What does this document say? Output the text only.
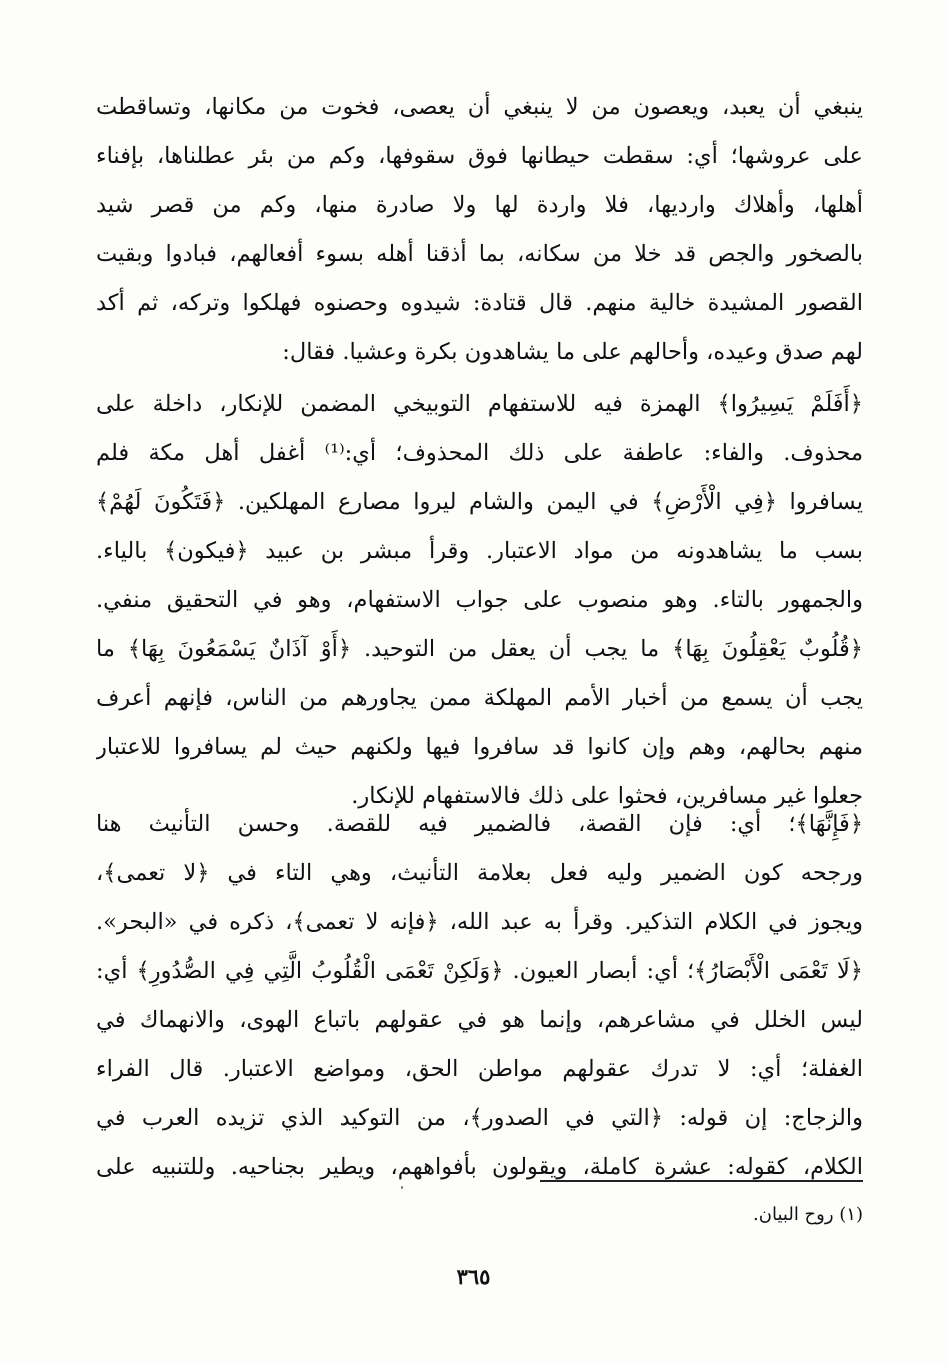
ينبغي أن يعبد، ويعصون من لا ينبغي أن يعصى، فخوت من مكانها، وتساقطت
على عروشها؛ أي: سقطت حيطانها فوق سقوفها، وكم من بئر عطلناها، بإفناء
أهلها، وأهلاك واردیها، فلا واردة لها ولا صادرة منها، وكم من قصر شيد
بالصخور والجص قد خلا من سكانه، بما أذقنا أهله بسوء أفعالهم، فبادوا وبقيت
القصور المشيدة خالية منهم. قال قتادة: شيدوه وحصنوه فهلكوا وتركه، ثم أكد
لهم صدق وعيده، وأحالهم على ما يشاهدون بكرة وعشيا. فقال:
﴿أَفَلَمْ يَسِيرُوا﴾ الهمزة فيه للاستفهام التوبيخي المضمن للإنكار، داخلة على
محذوف. والفاء: عاطفة على ذلك المحذوف؛ أي:⁽¹⁾ أغفل أهل مكة فلم
يسافروا ﴿فِي الْأَرْضِ﴾ في اليمن والشام ليروا مصارع المهلكين. ﴿فَتَكُونَ لَهُمْ﴾
بسب ما يشاهدونه من مواد الاعتبار. وقرأ مبشر بن عبيد ﴿فيكون﴾ بالياء.
والجمهور بالتاء. وهو منصوب على جواب الاستفهام، وهو في التحقيق منفي.
﴿قُلُوبٌ يَعْقِلُونَ بِهَا﴾ ما يجب أن يعقل من التوحيد. ﴿أَوْ آذَانٌ يَسْمَعُونَ بِهَا﴾ ما
يجب أن يسمع من أخبار الأمم المهلكة ممن يجاورهم من الناس، فإنهم أعرف
منهم بحالهم، وهم وإن كانوا قد سافروا فيها ولكنهم حيث لم يسافروا للاعتبار
جعلوا غير مسافرين، فحثوا على ذلك فالاستفهام للإنكار.
﴿فَإِنَّهَا﴾؛ أي: فإن القصة، فالضمير فيه للقصة. وحسن التأنيث هنا
ورجحه كون الضمير وليه فعل بعلامة التأنيث، وهي التاء في ﴿لا تعمى﴾،
ويجوز في الكلام التذكير. وقرأ به عبد الله، ﴿فإنه لا تعمى﴾، ذكره في «البحر».
﴿لَا تَعْمَى الْأَبْصَارُ﴾؛ أي: أبصار العيون. ﴿وَلَكِنْ تَعْمَى الْقُلُوبُ الَّتِي فِي الصُّدُورِ﴾ أي:
ليس الخلل في مشاعرهم، وإنما هو في عقولهم باتباع الهوى، والانهماك في
الغفلة؛ أي: لا تدرك عقولهم مواطن الحق، ومواضع الاعتبار. قال الفراء
والزجاج: إن قوله: ﴿التي في الصدور﴾، من التوكيد الذي تزيده العرب في
الكلام، كقوله: عشرة كاملة، ويقولون بأفواههم، ويطير بجناحيه. وللتنبيه على
(١) روح البيان.
٣٦٥
